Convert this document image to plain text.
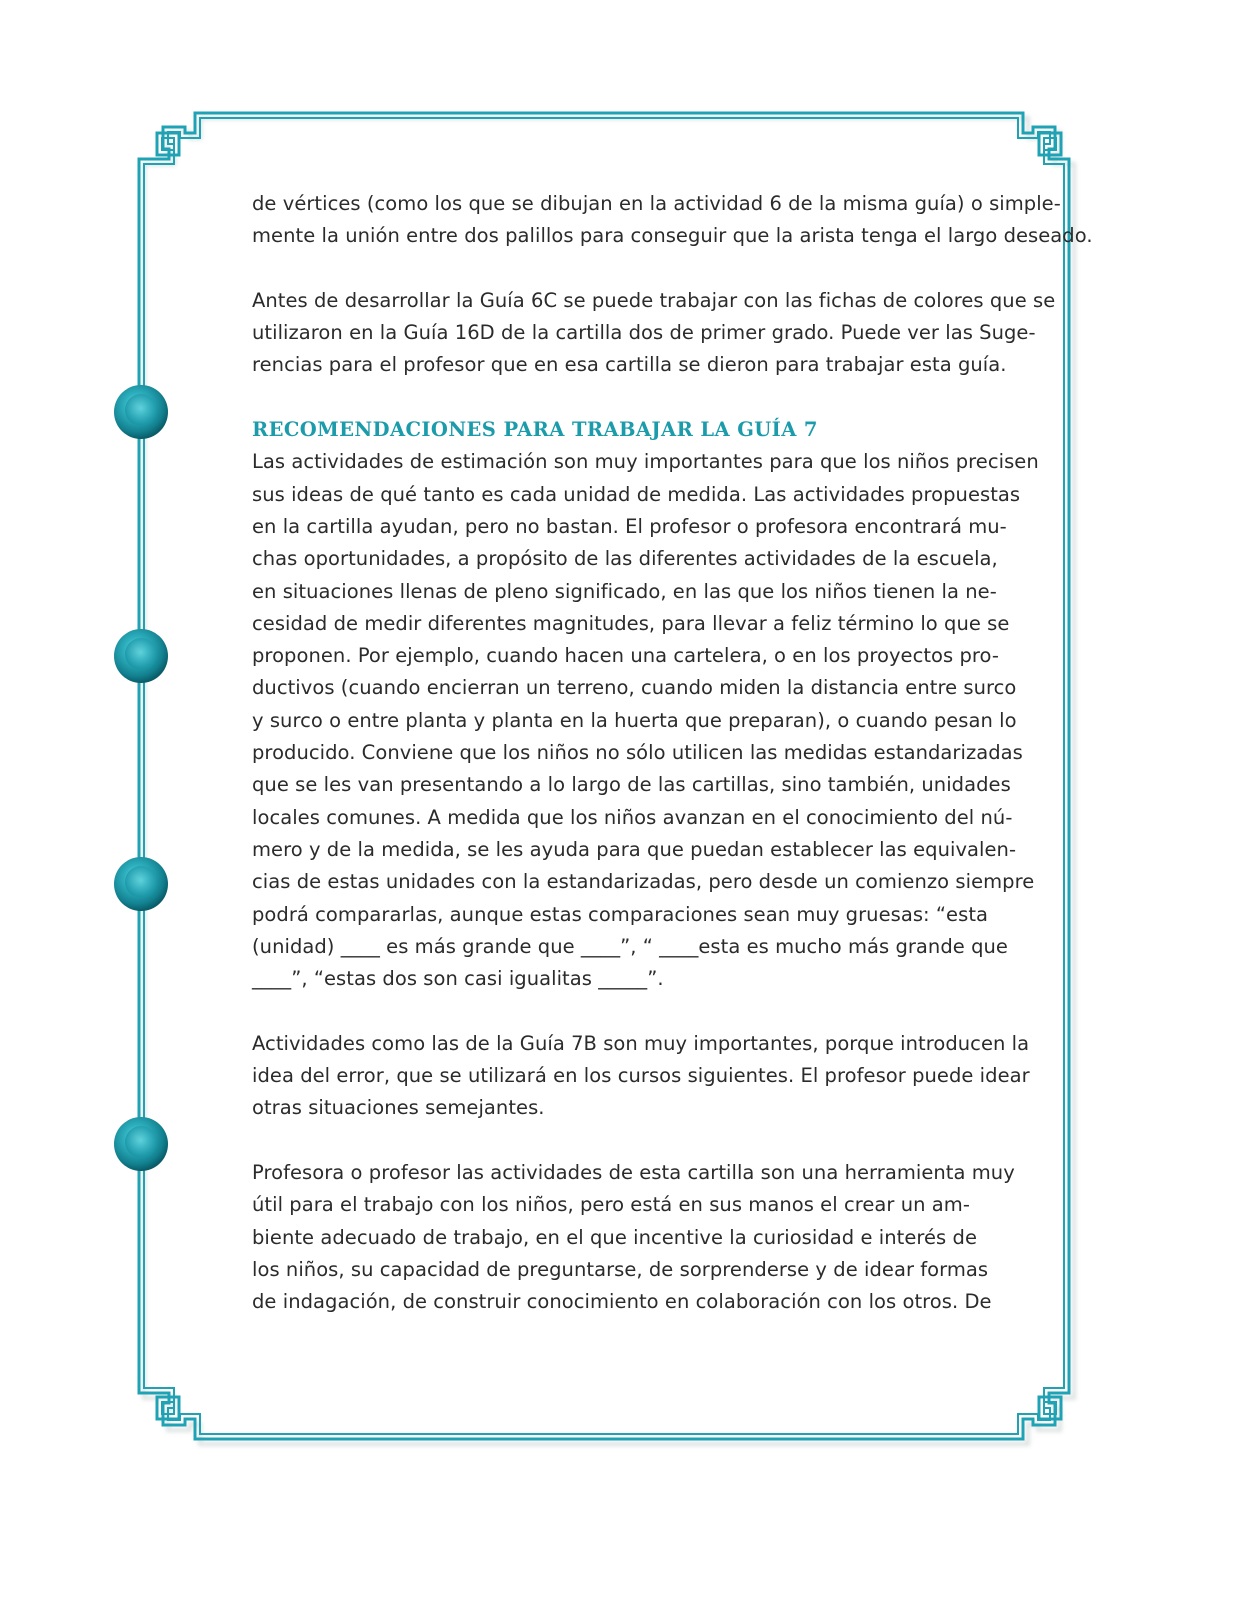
de vértices (como los que se dibujan en la actividad 6 de la misma guía) o simple-
mente la unión entre dos palillos para conseguir que la arista tenga el largo deseado.
Antes de desarrollar la Guía 6C se puede trabajar con las fichas de colores que se
utilizaron en la Guía 16D de la cartilla dos de primer grado. Puede ver las Suge-
rencias para el profesor que en esa cartilla se dieron para trabajar esta guía.
RECOMENDACIONES PARA TRABAJAR LA GUÍA 7
Las actividades de estimación son muy importantes para que los niños precisen
sus ideas de qué tanto es cada unidad de medida. Las actividades propuestas
en la cartilla ayudan, pero no bastan. El profesor o profesora encontrará mu-
chas oportunidades, a propósito de las diferentes actividades de la escuela,
en situaciones llenas de pleno significado, en las que los niños tienen la ne-
cesidad de medir diferentes magnitudes, para llevar a feliz término lo que se
proponen. Por ejemplo, cuando hacen una cartelera, o en los proyectos pro-
ductivos (cuando encierran un terreno, cuando miden la distancia entre surco
y surco o entre planta y planta en la huerta que preparan), o cuando pesan lo
producido. Conviene que los niños no sólo utilicen las medidas estandarizadas
que se les van presentando a lo largo de las cartillas, sino también, unidades
locales comunes. A medida que los niños avanzan en el conocimiento del nú-
mero y de la medida, se les ayuda para que puedan establecer las equivalen-
cias de estas unidades con la estandarizadas, pero desde un comienzo siempre
podrá compararlas, aunque estas comparaciones sean muy gruesas: “esta
(unidad) ____ es más grande que ____”, “ ____esta es mucho más grande que
____”, “estas dos son casi igualitas _____”.
Actividades como las de la Guía 7B son muy importantes, porque introducen la
idea del error, que se utilizará en los cursos siguientes. El profesor puede idear
otras situaciones semejantes.
Profesora o profesor las actividades de esta cartilla son una herramienta muy
útil para el trabajo con los niños, pero está en sus manos el crear un am-
biente adecuado de trabajo, en el que incentive la curiosidad e interés de
los niños, su capacidad de preguntarse, de sorprenderse y de idear formas
de indagación, de construir conocimiento en colaboración con los otros. De
